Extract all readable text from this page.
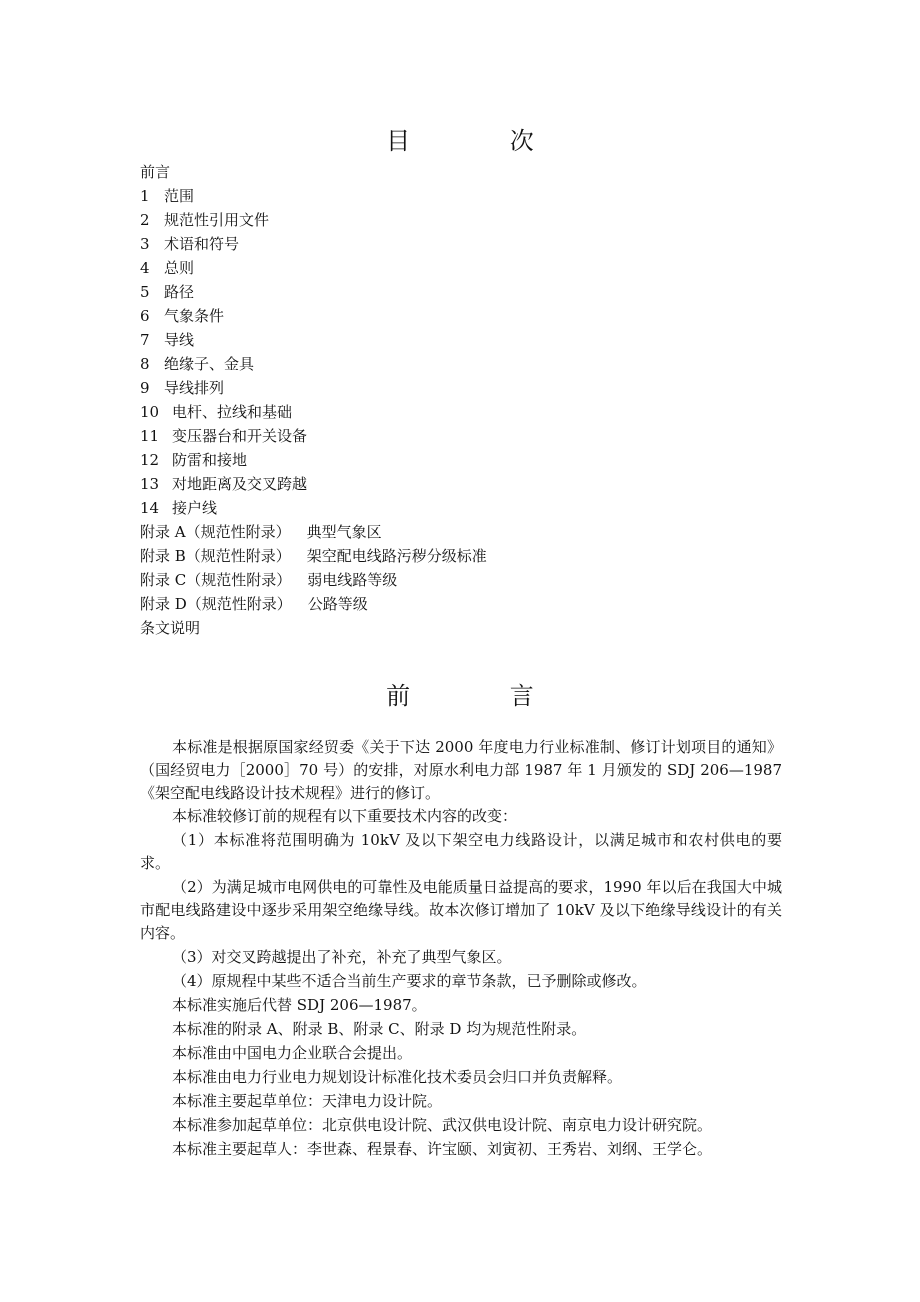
目 次
前言
1 范围
2 规范性引用文件
3 术语和符号
4 总则
5 路径
6 气象条件
7 导线
8 绝缘子、金具
9 导线排列
10 电杆、拉线和基础
11 变压器台和开关设备
12 防雷和接地
13 对地距离及交叉跨越
14 接户线
附录 A（规范性附录） 典型气象区
附录 B（规范性附录） 架空配电线路污秽分级标准
附录 C（规范性附录） 弱电线路等级
附录 D（规范性附录） 公路等级
条文说明
前 言

本标准是根据原国家经贸委《关于下达 2000 年度电力行业标准制、修订计划项目的通知》（国经贸电力［2000］70 号）的安排，对原水利电力部 1987 年 1 月颁发的 SDJ 206—1987《架空配电线路设计技术规程》进行的修订。

本标准较修订前的规程有以下重要技术内容的改变：

（1）本标准将范围明确为 10kV 及以下架空电力线路设计，以满足城市和农村供电的要求。

（2）为满足城市电网供电的可靠性及电能质量日益提高的要求，1990 年以后在我国大中城市配电线路建设中逐步采用架空绝缘导线。故本次修订增加了 10kV 及以下绝缘导线设计的有关内容。

（3）对交叉跨越提出了补充，补充了典型气象区。

（4）原规程中某些不适合当前生产要求的章节条款，已予删除或修改。

本标准实施后代替 SDJ 206—1987。

本标准的附录 A、附录 B、附录 C、附录 D 均为规范性附录。

本标准由中国电力企业联合会提出。

本标准由电力行业电力规划设计标准化技术委员会归口并负责解释。

本标准主要起草单位：天津电力设计院。

本标准参加起草单位：北京供电设计院、武汉供电设计院、南京电力设计研究院。

本标准主要起草人：李世森、程景春、许宝颐、刘寅初、王秀岩、刘纲、王学仑。
